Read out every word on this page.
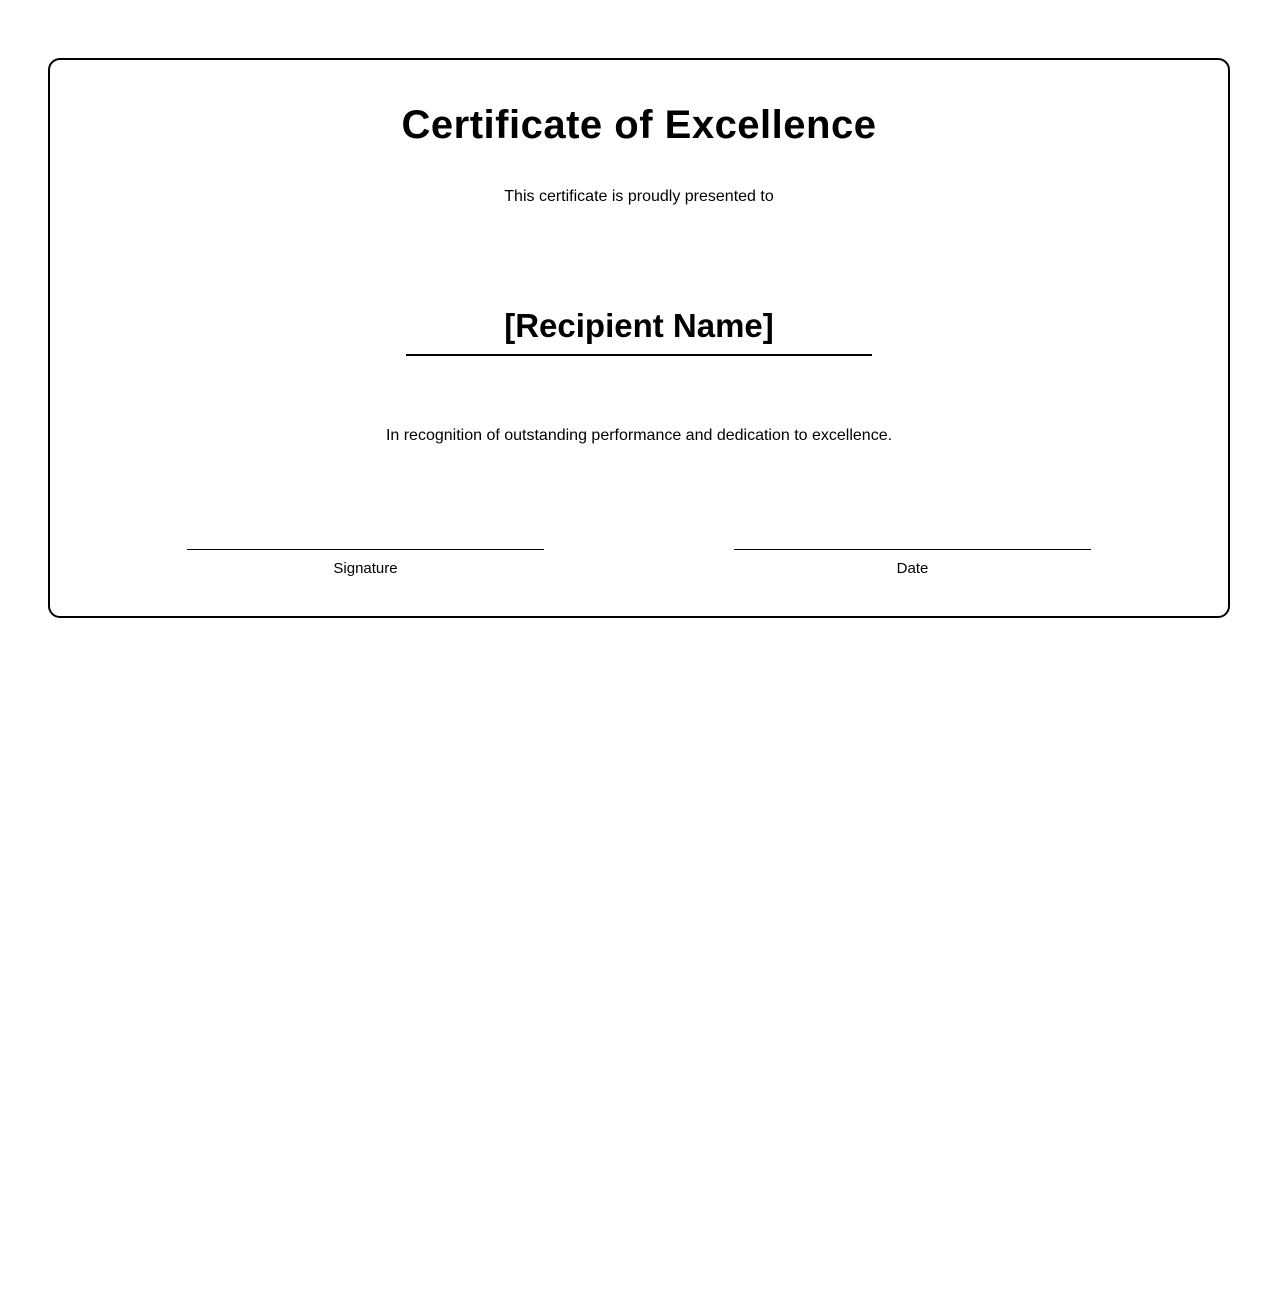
Certificate of Excellence
This certificate is proudly presented to
[Recipient Name]
In recognition of outstanding performance and dedication to excellence.
Signature	Date
